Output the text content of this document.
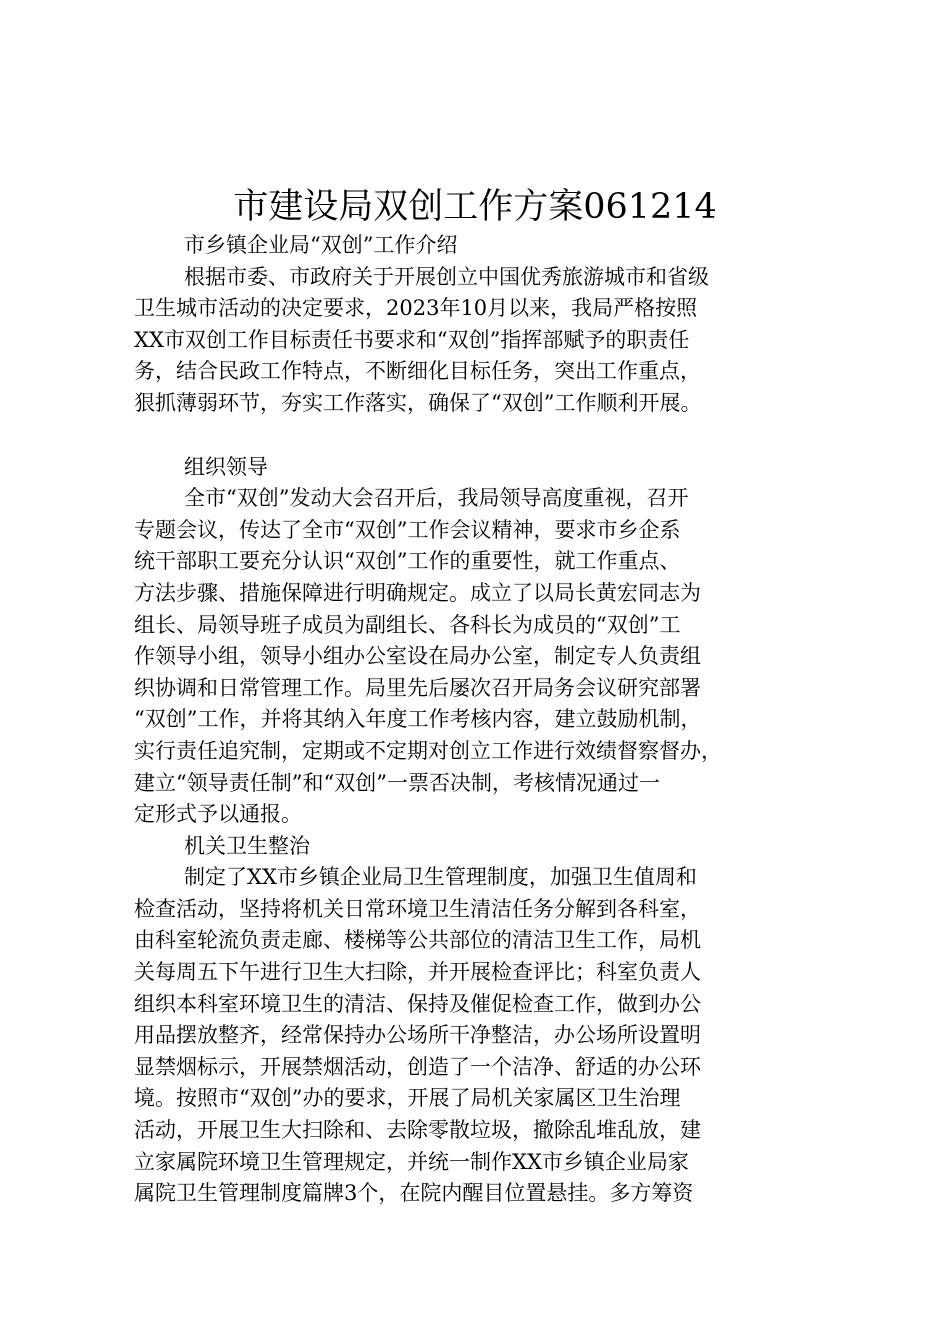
市建设局双创工作方案061214
市乡镇企业局“双创”工作介绍
根据市委、市政府关于开展创立中国优秀旅游城市和省级
卫生城市活动的决定要求，2023年10月以来，我局严格按照
XX市双创工作目标责任书要求和“双创”指挥部赋予的职责任
务，结合民政工作特点，不断细化目标任务，突出工作重点，
狠抓薄弱环节，夯实工作落实，确保了“双创”工作顺利开展。
组织领导
全市“双创”发动大会召开后，我局领导高度重视，召开
专题会议，传达了全市“双创”工作会议精神，要求市乡企系
统干部职工要充分认识“双创”工作的重要性，就工作重点、
方法步骤、措施保障进行明确规定。成立了以局长黄宏同志为
组长、局领导班子成员为副组长、各科长为成员的“双创”工
作领导小组，领导小组办公室设在局办公室，制定专人负责组
织协调和日常管理工作。局里先后屡次召开局务会议研究部署
“双创”工作，并将其纳入年度工作考核内容，建立鼓励机制，
实行责任追究制，定期或不定期对创立工作进行效绩督察督办，
建立“领导责任制”和“双创”一票否决制，考核情况通过一
定形式予以通报。
机关卫生整治
制定了XX市乡镇企业局卫生管理制度，加强卫生值周和
检查活动，坚持将机关日常环境卫生清洁任务分解到各科室，
由科室轮流负责走廊、楼梯等公共部位的清洁卫生工作，局机
关每周五下午进行卫生大扫除，并开展检查评比；科室负责人
组织本科室环境卫生的清洁、保持及催促检查工作，做到办公
用品摆放整齐，经常保持办公场所干净整洁，办公场所设置明
显禁烟标示，开展禁烟活动，创造了一个洁净、舒适的办公环
境。按照市“双创”办的要求，开展了局机关家属区卫生治理
活动，开展卫生大扫除和、去除零散垃圾，撤除乱堆乱放，建
立家属院环境卫生管理规定，并统一制作XX市乡镇企业局家
属院卫生管理制度篇牌3个，在院内醒目位置悬挂。多方筹资
